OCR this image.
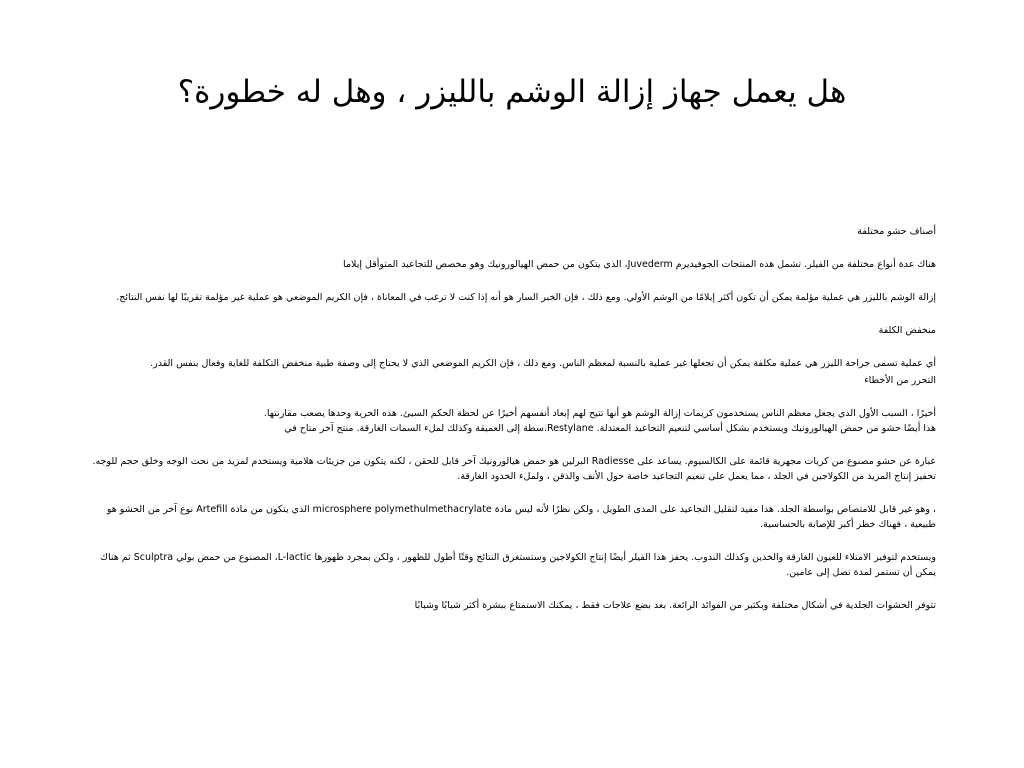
هل يعمل جهاز إزالة الوشم بالليزر ، وهل له خطورة؟

أصناف حشو مختلفة

هناك عدة أنواع مختلفة من الفيلر. تشمل هذه المنتجات الجوفيديرم Juvederm، الذي يتكون من حمض الهيالورونيك وهو مخصص للتجاعيد المتوأقل إيلاما

إزالة الوشم بالليزر هي عملية مؤلمة يمكن أن تكون أكثر إيلامًا من الوشم الأولي. ومع ذلك ، فإن الخبر السار هو أنه إذا كنت لا ترغب في المعاناة ، فإن الكريم الموضعي هو عملية غير مؤلمة تقريبًا لها نفس النتائج.

منخفض الكلفة

أي عملية تسمى جراحة الليزر هي عملية مكلفة يمكن أن تجعلها غير عملية بالنسبة لمعظم الناس. ومع ذلك ، فإن الكريم الموضعي الذي لا يحتاج إلى وصفة طبية منخفض التكلفة للغاية وفعال بنفس القدر.

التحرر من الأخطاء

أخيرًا ، السبب الأول الذي يجعل معظم الناس يستخدمون كريمات إزالة الوشم هو أنها تتيح لهم إبعاد أنفسهم أخيرًا عن لحظة الحكم السيئ. هذه الحرية وحدها يصعب مقارنتها.
هذا أيضًا حشو من حمض الهيالورونيك ويستخدم بشكل أساسي لتنعيم التجاعيد المعتدلة. Restylane.سطة إلى العميقة وكذلك لملء السمات الغارقة. منتج آخر متاح في

عبارة عن حشو مصنوع من كريات مجهرية قائمة على الكالسيوم. يساعد على Radiesse البرلين هو حمض هيالورونيك آخر قابل للحقن ، لكنه يتكون من جزيئات هلامية ويستخدم لمزيد من نحت الوجه وخلق حجم للوجه.
تحفيز إنتاج المزيد من الكولاجين في الجلد ، مما يعمل على تنعيم التجاعيد خاصة حول الأنف والذقن ، ولملء الخدود الغارقة.

، وهو غير قابل للامتصاص بواسطة الجلد. هذا مفيد لتقليل التجاعيد على المدى الطويل ، ولكن نظرًا لأنه ليس مادة microsphere polymethulmethacrylate الذي يتكون من مادة Artefill نوع آخر من الحشو هو
طبيعية ، فهناك خطر أكبر للإصابة بالحساسية.

ويستخدم لتوفير الامتلاء للعيون الغارقة والخدين وكذلك الندوب. يحفز هذا الفيلر أيضًا إنتاج الكولاجين وستستغرق النتائج وقتًا أطول للظهور ، ولكن بمجرد ظهورها L-lactic، المصنوع من حمض بولي Sculptra ثم هناك
يمكن أن تستمر لمدة تصل إلى عامين.

تتوفر الحشوات الجلدية في أشكال مختلفة وبكثير من الفوائد الرائعة. بعد بضع علاجات فقط ، يمكنك الاستمتاع ببشرة أكثر شبابًا وشبابًا
